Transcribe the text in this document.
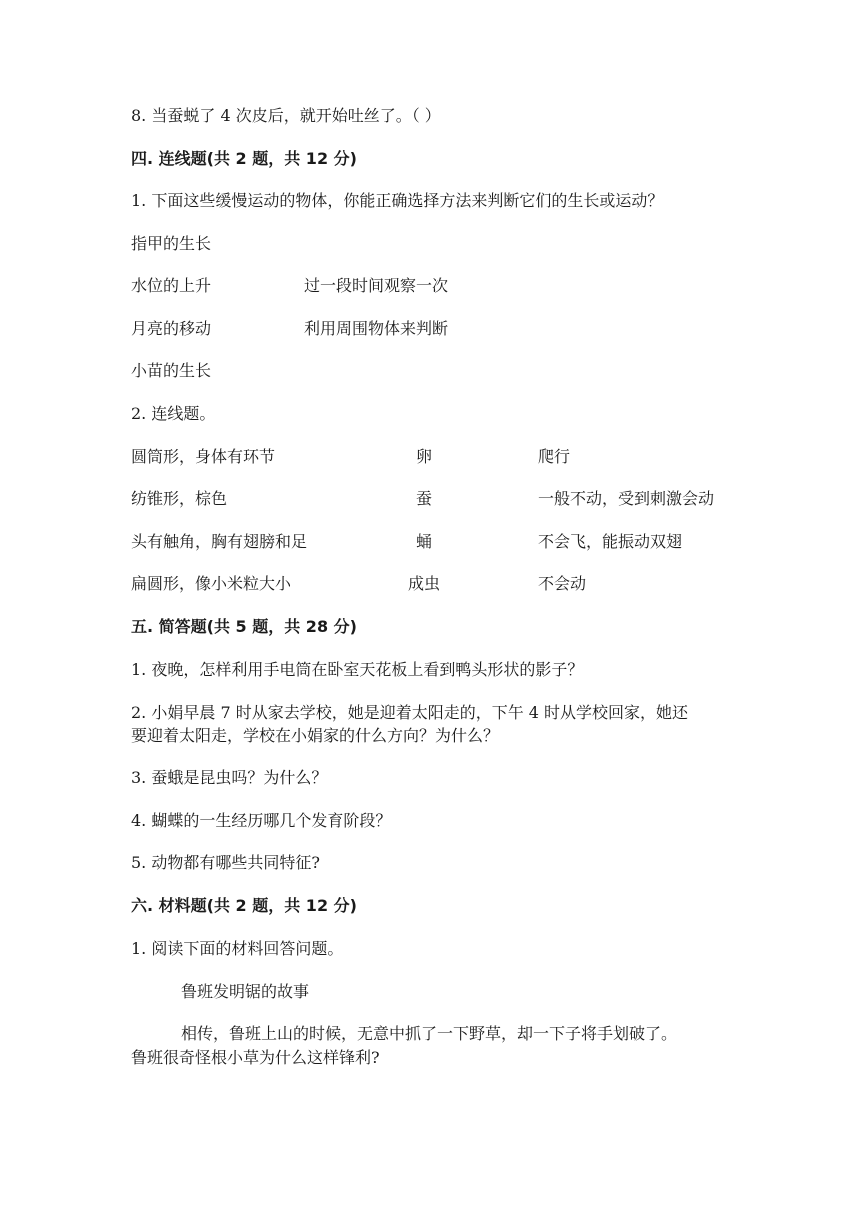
8. 当蚕蜕了 4 次皮后，就开始吐丝了。（ ）
四. 连线题(共 2 题，共 12 分)
1. 下面这些缓慢运动的物体，你能正确选择方法来判断它们的生长或运动？
指甲的生长
水位的上升	过一段时间观察一次
月亮的移动	利用周围物体来判断
小苗的生长
2. 连线题。
圆筒形，身体有环节	卵	爬行
纺锥形，棕色	蚕	一般不动，受到刺激会动
头有触角，胸有翅膀和足	蛹	不会飞，能振动双翅
扁圆形，像小米粒大小	成虫	不会动
五. 简答题(共 5 题，共 28 分)
1. 夜晚，怎样利用手电筒在卧室天花板上看到鸭头形状的影子？
2. 小娟早晨 7 时从家去学校，她是迎着太阳走的，下午 4 时从学校回家，她还
要迎着太阳走，学校在小娟家的什么方向？为什么？
3. 蚕蛾是昆虫吗？为什么？
4. 蝴蝶的一生经历哪几个发育阶段？
5. 动物都有哪些共同特征?
六. 材料题(共 2 题，共 12 分)
1. 阅读下面的材料回答问题。
鲁班发明锯的故事
相传，鲁班上山的时候，无意中抓了一下野草，却一下子将手划破了。
鲁班很奇怪根小草为什么这样锋利?
